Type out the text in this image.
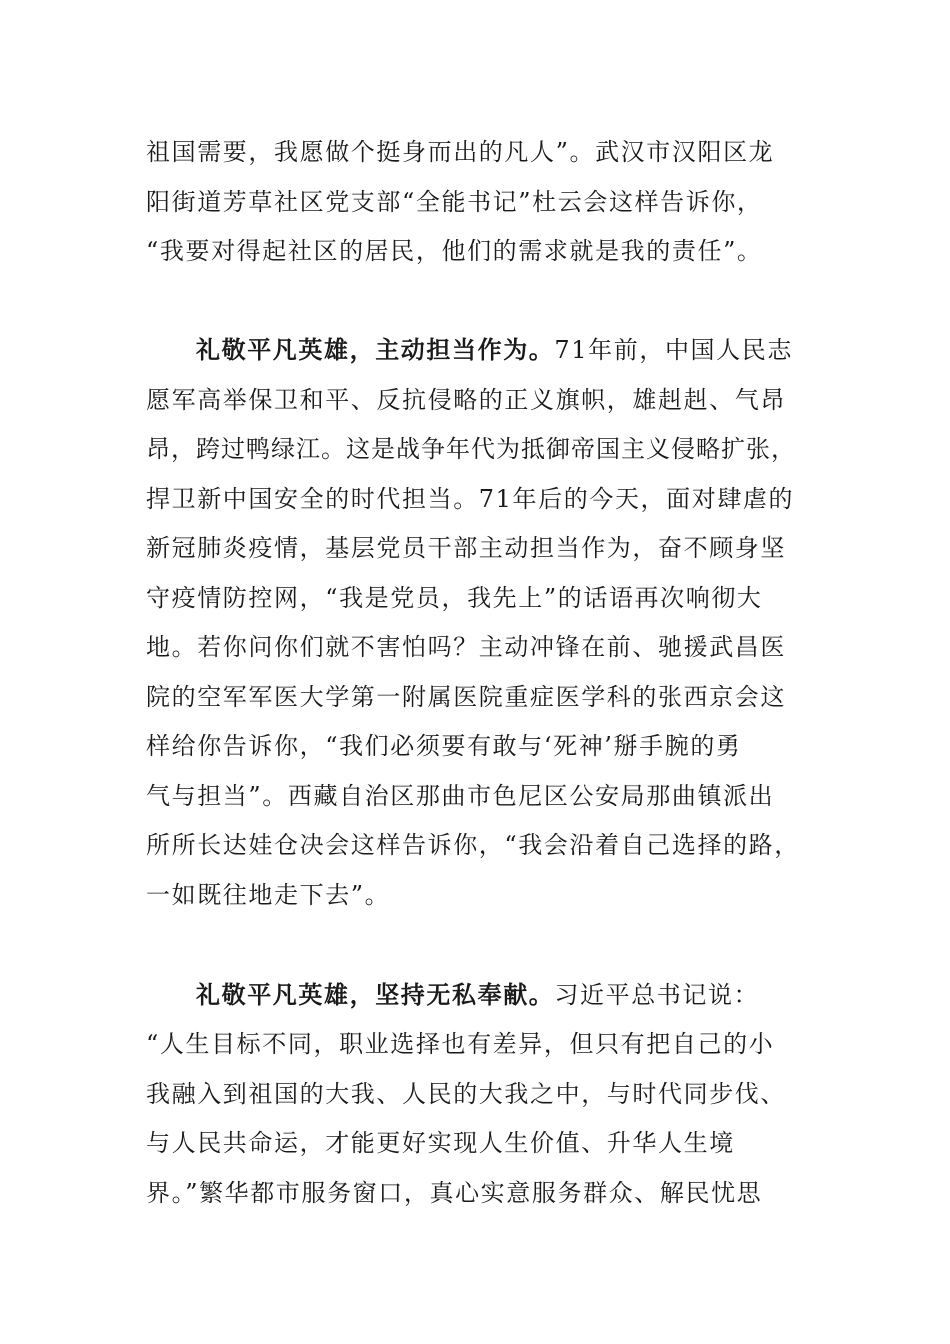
祖国需要，我愿做个挺身而出的凡人”。武汉市汉阳区龙
阳街道芳草社区党支部“全能书记”杜云会这样告诉你，
“我要对得起社区的居民，他们的需求就是我的责任”。
礼敬平凡英雄，主动担当作为。71年前，中国人民志
愿军高举保卫和平、反抗侵略的正义旗帜，雄赳赳、气昂
昂，跨过鸭绿江。这是战争年代为抵御帝国主义侵略扩张，
捍卫新中国安全的时代担当。71年后的今天，面对肆虐的
新冠肺炎疫情，基层党员干部主动担当作为，奋不顾身坚
守疫情防控网，“我是党员，我先上”的话语再次响彻大
地。若你问你们就不害怕吗？主动冲锋在前、驰援武昌医
院的空军军医大学第一附属医院重症医学科的张西京会这
样给你告诉你，“我们必须要有敢与‘死神’掰手腕的勇
气与担当”。西藏自治区那曲市色尼区公安局那曲镇派出
所所长达娃仓决会这样告诉你，“我会沿着自己选择的路，
一如既往地走下去”。
礼敬平凡英雄，坚持无私奉献。习近平总书记说：
“人生目标不同，职业选择也有差异，但只有把自己的小
我融入到祖国的大我、人民的大我之中，与时代同步伐、
与人民共命运，才能更好实现人生价值、升华人生境
界。”繁华都市服务窗口，真心实意服务群众、解民忧思
